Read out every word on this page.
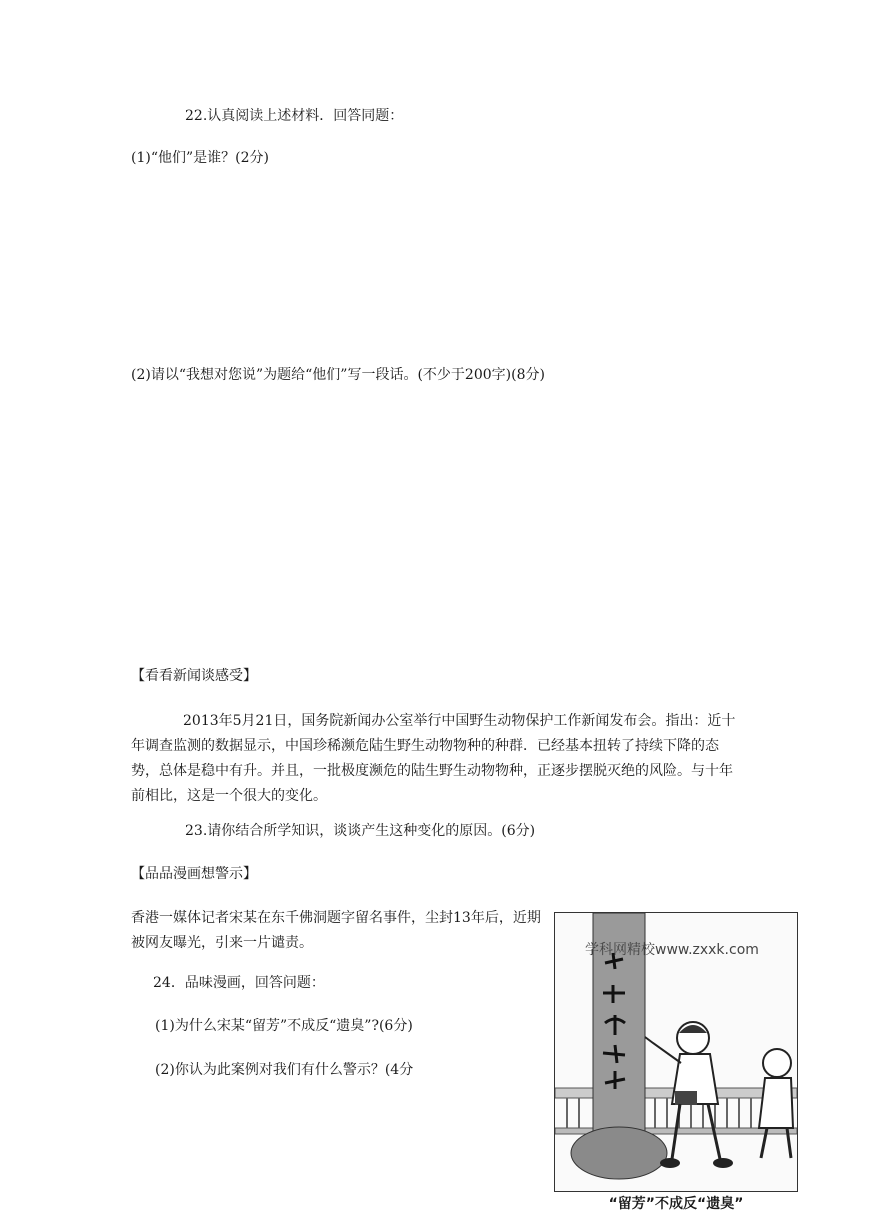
22.认真阅读上述材料．回答同题：
(1)“他们”是谁？(2分)
(2)请以“我想对您说”为题给“他们”写一段话。(不少于200字)(8分)
【看看新闻谈感受】
2013年5月21日，国务院新闻办公室举行中国野生动物保护工作新闻发布会。指出：近十年调查监测的数据显示，中国珍稀濒危陆生野生动物物种的种群．已经基本扭转了持续下降的态势，总体是稳中有升。并且，一批极度濒危的陆生野生动物物种，正逐步摆脱灭绝的风险。与十年前相比，这是一个很大的变化。
23.请你结合所学知识，谈谈产生这种变化的原因。(6分)
【品品漫画想警示】
香港一媒体记者宋某在东千佛洞题字留名事件，尘封13年后，近期被网友曝光，引来一片谴责。
24．品味漫画，回答问题：
(1)为什么宋某“留芳”不成反“遗臭”?(6分)
(2)你认为此案例对我们有什么警示？(4分
学科网精校www.zxxk.com
“留芳”不成反“遗臭”
